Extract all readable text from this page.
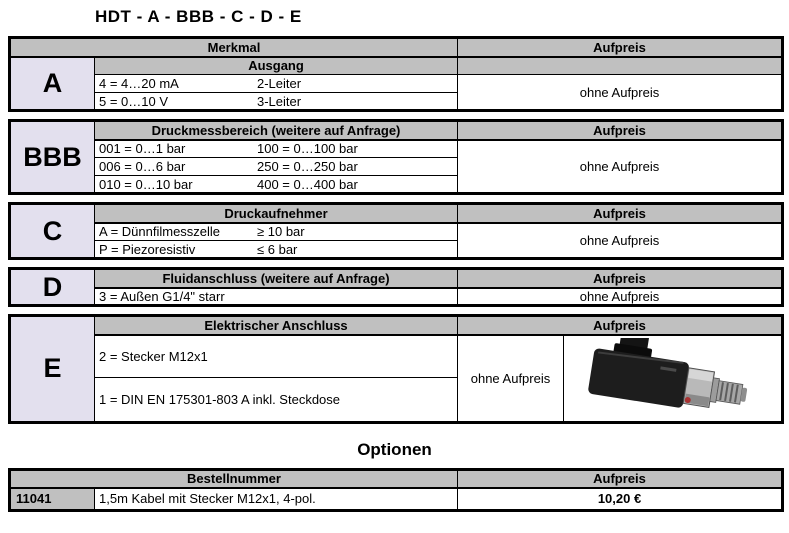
HDT - A - BBB - C - D - E
Merkmal		Aufpreis
A	Ausgang	
	4 = 4…20 mA 2-Leiter	ohne Aufpreis
	5 = 0…10 V 3-Leiter	
BBB	Druckmessbereich (weitere auf Anfrage)	Aufpreis
	001 = 0…1 bar 100 = 0…100 bar	ohne Aufpreis
	006 = 0…6 bar 250 = 0…250 bar	
	010 = 0…10 bar 400 = 0…400 bar	
C	Druckaufnehmer	Aufpreis
	A = Dünnfilmesszelle ≥ 10 bar	ohne Aufpreis
	P = Piezoresistiv ≤ 6 bar	
D	Fluidanschluss (weitere auf Anfrage)	Aufpreis
	3 = Außen G1/4" starr	ohne Aufpreis
E	Elektrischer Anschluss	Aufpreis	
	2 = Stecker M12x1	ohne Aufpreis	
	1 = DIN EN 175301-803 A inkl. Steckdose		
Optionen
Bestellnummer		Aufpreis
11041	1,5m Kabel mit Stecker M12x1, 4-pol.	10,20 €
